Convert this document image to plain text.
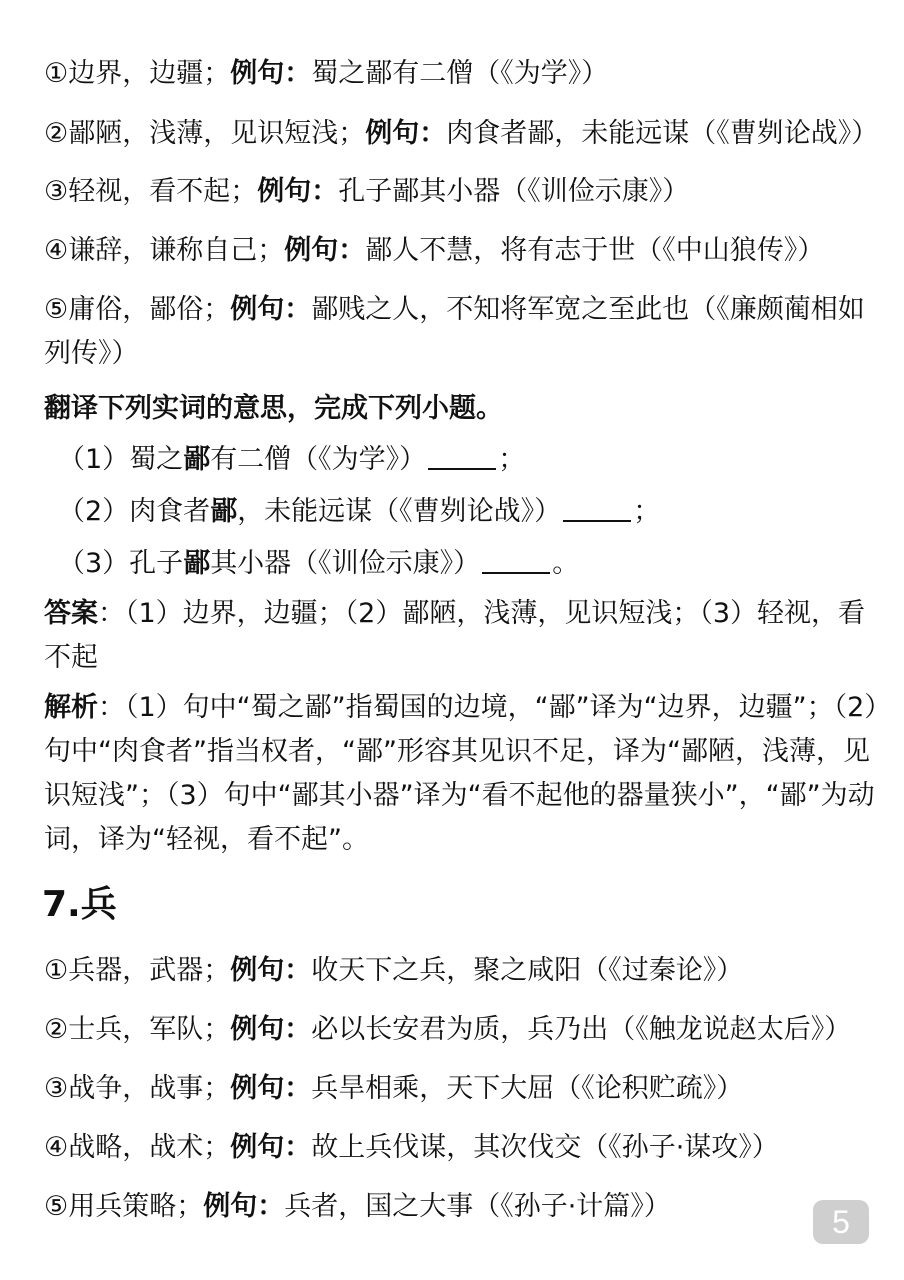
①边界，边疆；例句：蜀之鄙有二僧（《为学》）
②鄙陋，浅薄，见识短浅；例句：肉食者鄙，未能远谋（《曹刿论战》）
③轻视，看不起；例句：孔子鄙其小器（《训俭示康》）
④谦辞，谦称自己；例句：鄙人不慧，将有志于世（《中山狼传》）
⑤庸俗，鄙俗；例句：鄙贱之人，不知将军宽之至此也（《廉颇蔺相如列传》）
翻译下列实词的意思，完成下列小题。
（1）蜀之鄙有二僧（《为学》）	；
（2）肉食者鄙，未能远谋（《曹刿论战》）	；
（3）孔子鄙其小器（《训俭示康》）	。
答案：（1）边界，边疆；（2）鄙陋，浅薄，见识短浅；（3）轻视，看不起
解析：（1）句中“蜀之鄙”指蜀国的边境，“鄙”译为“边界，边疆”；（2）句中“肉食者”指当权者，“鄙”形容其见识不足，译为“鄙陋，浅薄，见识短浅”；（3）句中“鄙其小器”译为“看不起他的器量狭小”，“鄙”为动词，译为“轻视，看不起”。
7.兵
①兵器，武器；例句：收天下之兵，聚之咸阳（《过秦论》）
②士兵，军队；例句：必以长安君为质，兵乃出（《触龙说赵太后》）
③战争，战事；例句：兵旱相乘，天下大屈（《论积贮疏》）
④战略，战术；例句：故上兵伐谋，其次伐交（《孙子·谋攻》）
⑤用兵策略；例句：兵者，国之大事（《孙子·计篇》）	5
